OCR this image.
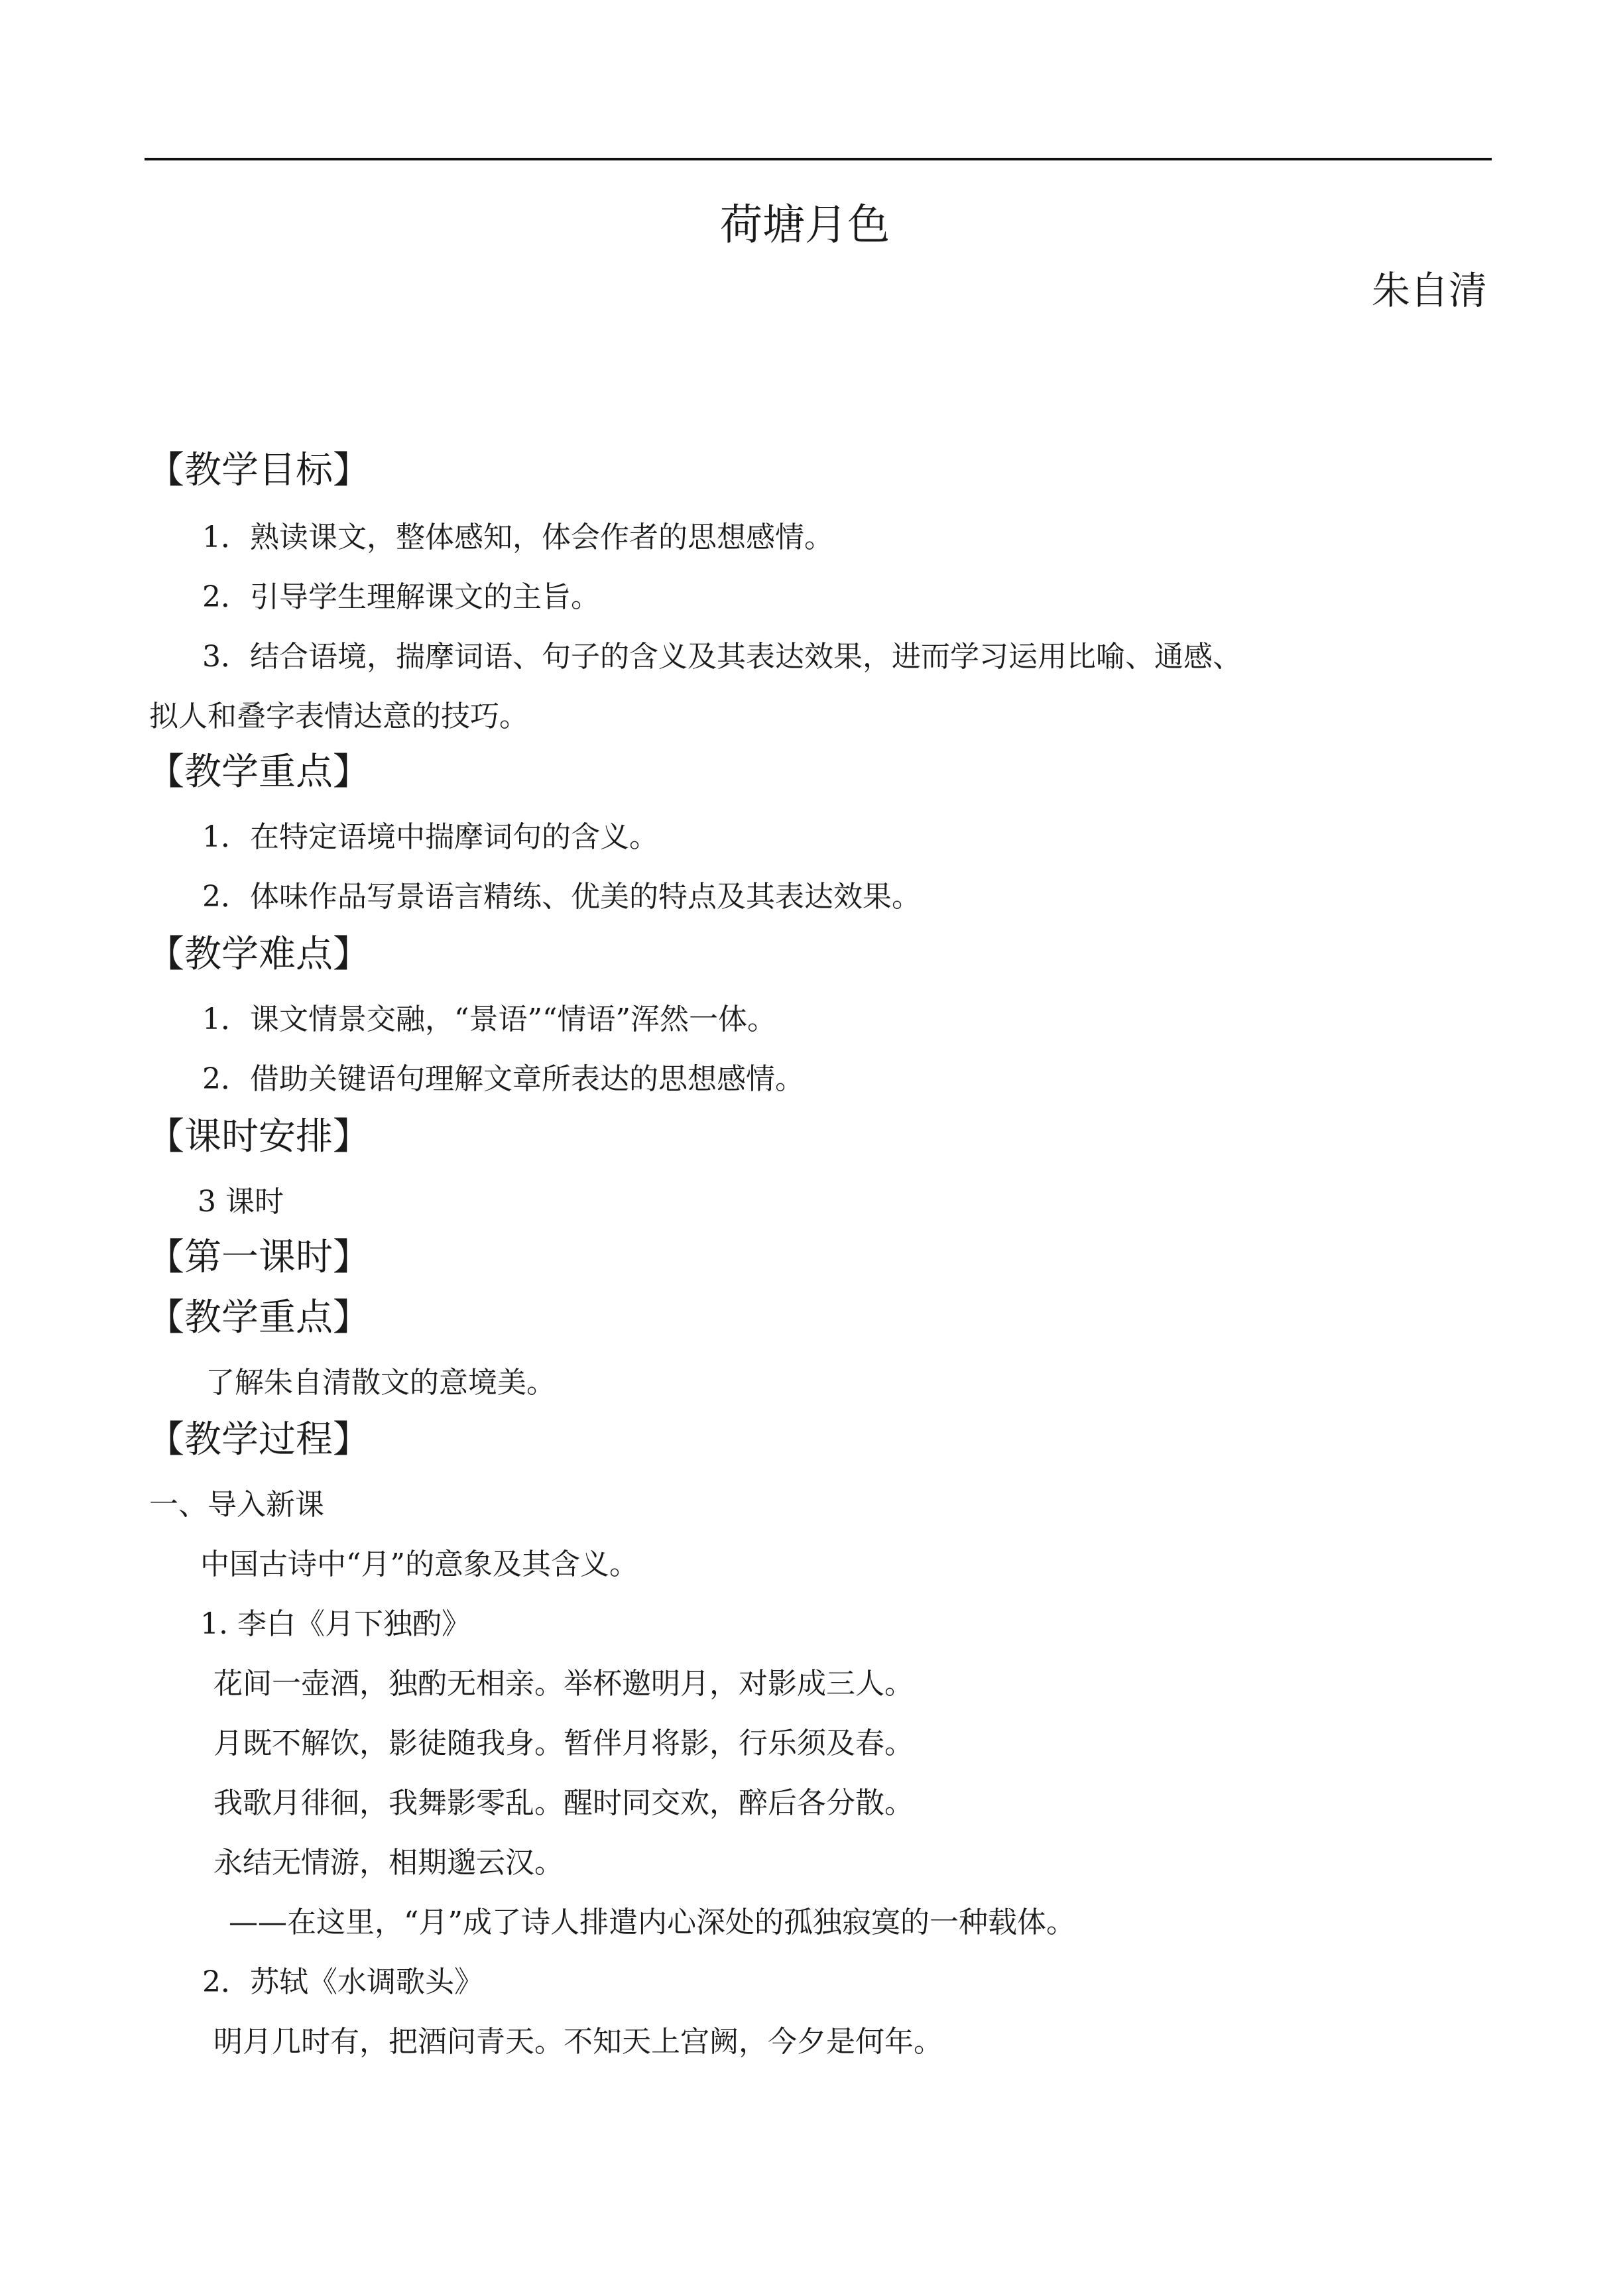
荷塘月色

朱自清

【教学目标】

1．熟读课文，整体感知，体会作者的思想感情。

2．引导学生理解课文的主旨。

3．结合语境，揣摩词语、句子的含义及其表达效果，进而学习运用比喻、通感、

拟人和叠字表情达意的技巧。

【教学重点】

1．在特定语境中揣摩词句的含义。

2．体味作品写景语言精练、优美的特点及其表达效果。

【教学难点】

1．课文情景交融，“景语”“情语”浑然一体。

2．借助关键语句理解文章所表达的思想感情。

【课时安排】

3 课时

【第一课时】

【教学重点】

了解朱自清散文的意境美。

【教学过程】

一、导入新课

中国古诗中“月”的意象及其含义。

1. 李白《月下独酌》

花间一壶酒，独酌无相亲。举杯邀明月，对影成三人。

月既不解饮，影徒随我身。暂伴月将影，行乐须及春。

我歌月徘徊，我舞影零乱。醒时同交欢，醉后各分散。

永结无情游，相期邈云汉。

——在这里，“月”成了诗人排遣内心深处的孤独寂寞的一种载体。

2．苏轼《水调歌头》

明月几时有，把酒问青天。不知天上宫阙，今夕是何年。
